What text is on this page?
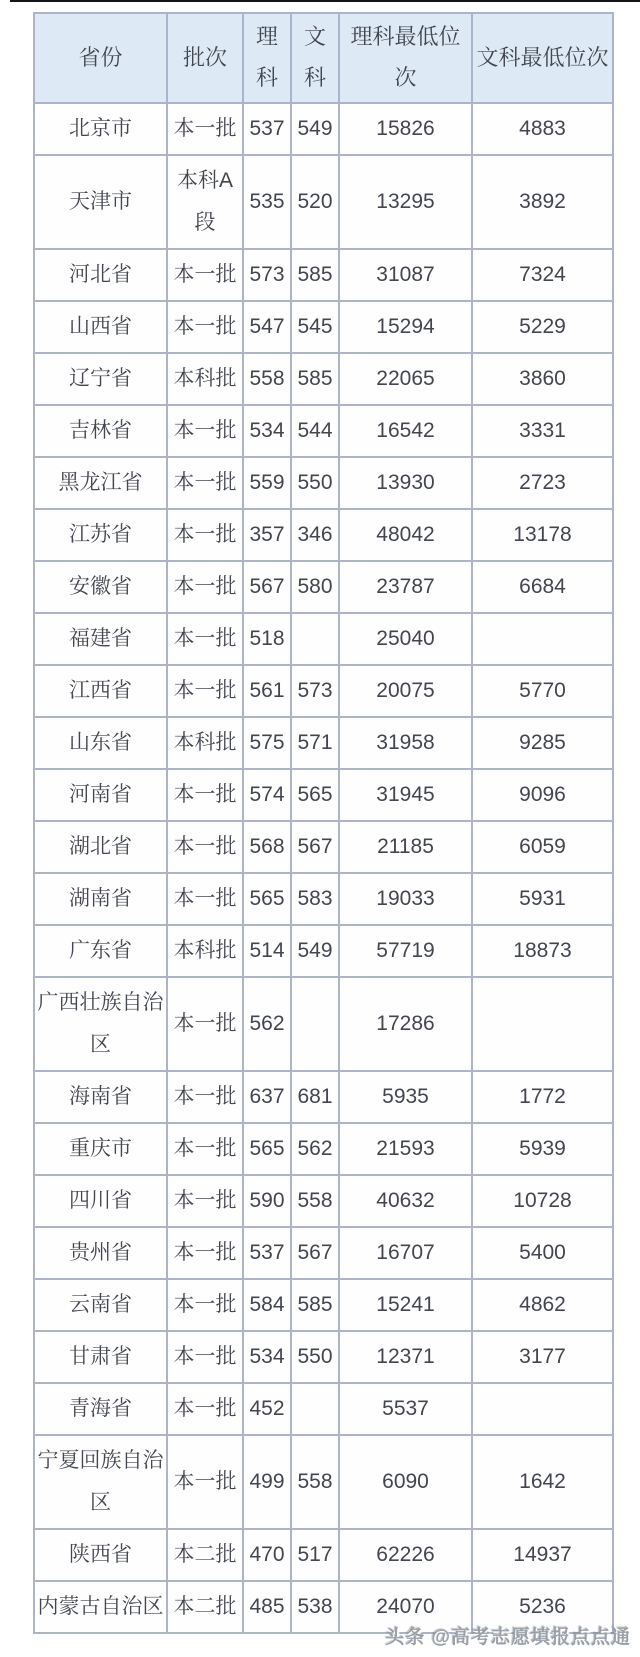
省份	批次	理科	文科	理科最低位次	文科最低位次
北京市	本一批	537	549	15826	4883
天津市	本科A段	535	520	13295	3892
河北省	本一批	573	585	31087	7324
山西省	本一批	547	545	15294	5229
辽宁省	本科批	558	585	22065	3860
吉林省	本一批	534	544	16542	3331
黑龙江省	本一批	559	550	13930	2723
江苏省	本一批	357	346	48042	13178
安徽省	本一批	567	580	23787	6684
福建省	本一批	518		25040	
江西省	本一批	561	573	20075	5770
山东省	本科批	575	571	31958	9285
河南省	本一批	574	565	31945	9096
湖北省	本一批	568	567	21185	6059
湖南省	本一批	565	583	19033	5931
广东省	本科批	514	549	57719	18873
广西壮族自治区	本一批	562		17286	
海南省	本一批	637	681	5935	1772
重庆市	本一批	565	562	21593	5939
四川省	本一批	590	558	40632	10728
贵州省	本一批	537	567	16707	5400
云南省	本一批	584	585	15241	4862
甘肃省	本一批	534	550	12371	3177
青海省	本一批	452		5537	
宁夏回族自治区	本一批	499	558	6090	1642
陕西省	本二批	470	517	62226	14937
内蒙古自治区	本二批	485	538	24070	5236
头条 @高考志愿填报点点通
